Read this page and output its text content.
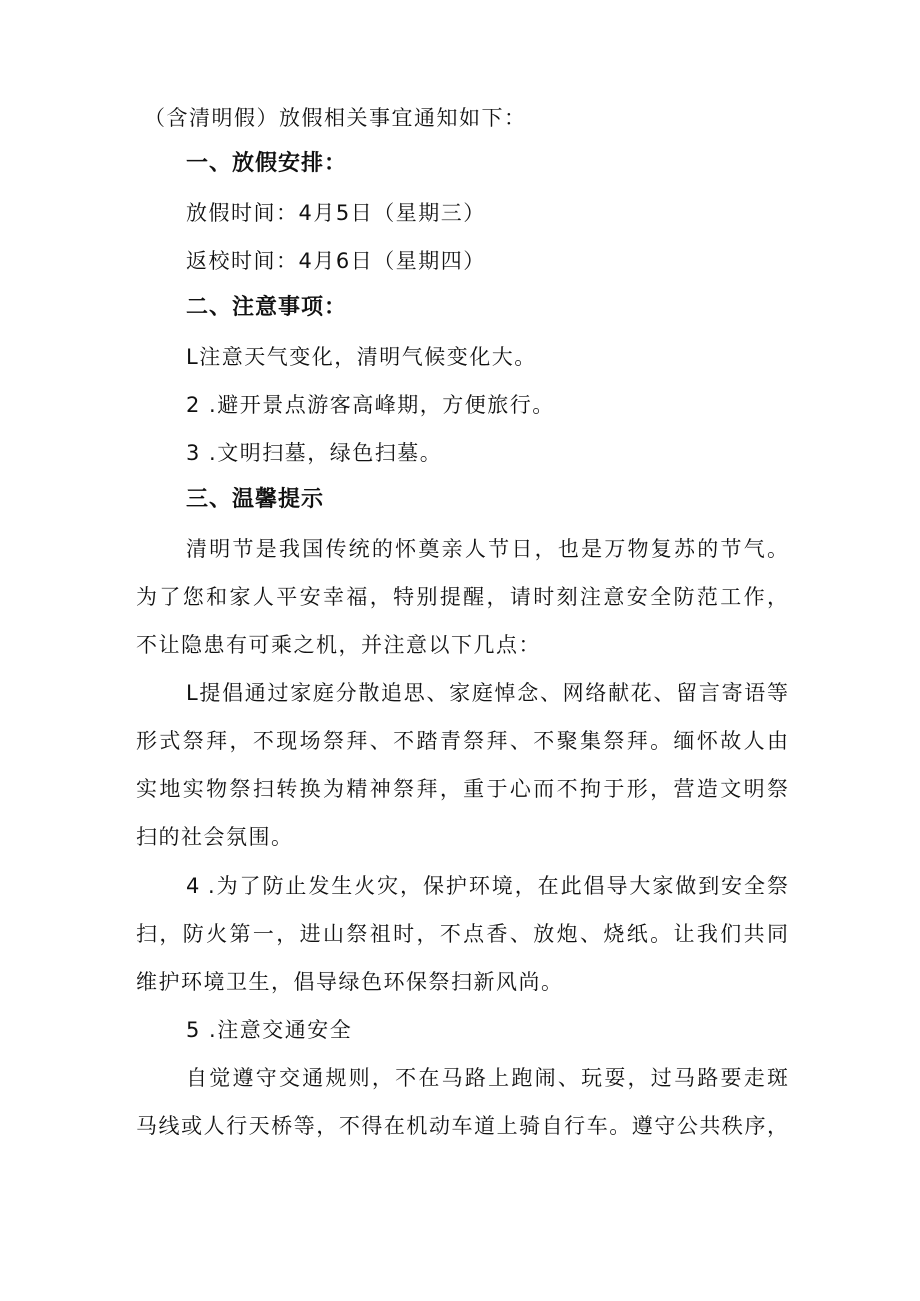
（含清明假）放假相关事宜通知如下：
一、放假安排：
放假时间：4月5日（星期三）
返校时间：4月6日（星期四）
二、注意事项：
L注意天气变化，清明气候变化大。
2 .避开景点游客高峰期，方便旅行。
3 .文明扫墓，绿色扫墓。
三、温馨提示
清明节是我国传统的怀奠亲人节日，也是万物复苏的节气。
为了您和家人平安幸福，特别提醒，请时刻注意安全防范工作，
不让隐患有可乘之机，并注意以下几点：
L提倡通过家庭分散追思、家庭悼念、网络献花、留言寄语等
形式祭拜，不现场祭拜、不踏青祭拜、不聚集祭拜。缅怀故人由
实地实物祭扫转换为精神祭拜，重于心而不拘于形，营造文明祭
扫的社会氛围。
4 .为了防止发生火灾，保护环境，在此倡导大家做到安全祭
扫，防火第一，进山祭祖时，不点香、放炮、烧纸。让我们共同
维护环境卫生，倡导绿色环保祭扫新风尚。
5 .注意交通安全
自觉遵守交通规则，不在马路上跑闹、玩耍，过马路要走斑
马线或人行天桥等，不得在机动车道上骑自行车。遵守公共秩序，
